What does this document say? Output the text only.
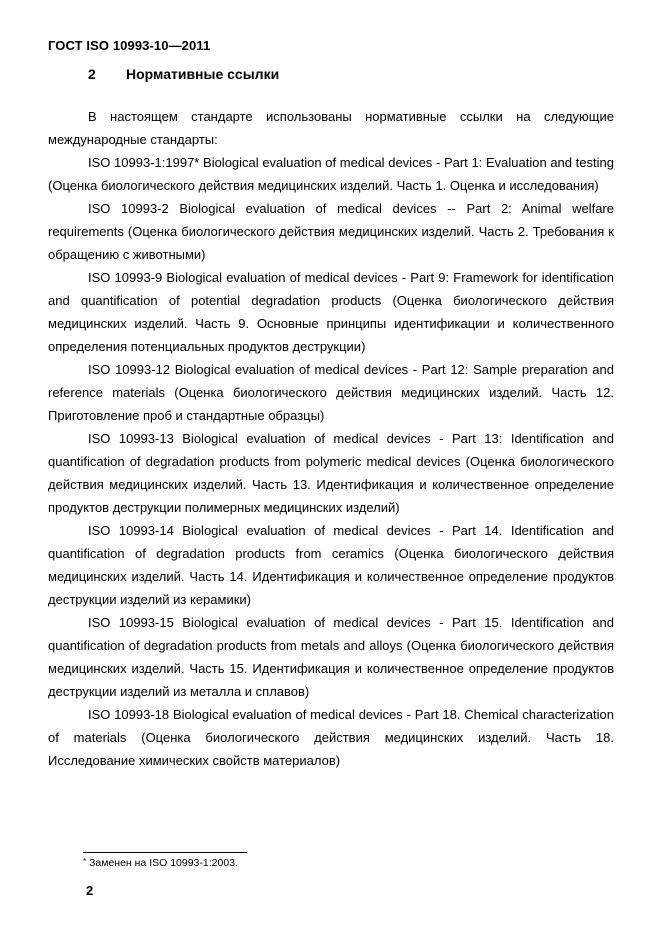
ГОСТ ISO 10993-10—2011
2 Нормативные ссылки

В настоящем стандарте использованы нормативные ссылки на следующие международные стандарты:

ISO 10993-1:1997* Biological evaluation of medical devices - Part 1: Evaluation and testing (Оценка биологического действия медицинских изделий. Часть 1. Оценка и исследования)

ISO 10993-2 Biological evaluation of medical devices -- Part 2: Animal welfare requirements (Оценка биологического действия медицинских изделий. Часть 2. Требования к обращению с животными)

ISO 10993-9 Biological evaluation of medical devices - Part 9: Framework for identification and quantification of potential degradation products (Оценка биологического действия медицинских изделий. Часть 9. Основные принципы идентификации и количественного определения потенциальных продуктов деструкции)

ISO 10993-12 Biological evaluation of medical devices - Part 12: Sample preparation and reference materials (Оценка биологического действия медицинских изделий. Часть 12. Приготовление проб и стандартные образцы)

ISO 10993-13 Biological evaluation of medical devices - Part 13: Identification and quantification of degradation products from polymeric medical devices (Оценка биологического действия медицинских изделий. Часть 13. Идентификация и количественное определение продуктов деструкции полимерных медицинских изделий)

ISO 10993-14 Biological evaluation of medical devices - Part 14. Identification and quantification of degradation products from ceramics (Оценка биологического действия медицинских изделий. Часть 14. Идентификация и количественное определение продуктов деструкции изделий из керамики)

ISO 10993-15 Biological evaluation of medical devices - Part 15. Identification and quantification of degradation products from metals and alloys (Оценка биологического действия медицинских изделий. Часть 15. Идентификация и количественное определение продуктов деструкции изделий из металла и сплавов)

ISO 10993-18 Biological evaluation of medical devices - Part 18. Chemical characterization of materials (Оценка биологического действия медицинских изделий. Часть 18. Исследование химических свойств материалов)

* Заменен на ISO 10993-1:2003.
2
